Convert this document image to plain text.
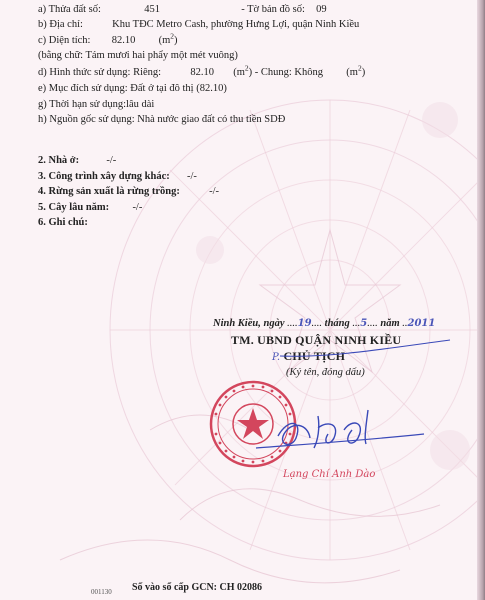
a) Thửa đất số:	451	- Tờ bản đồ số: 09
b) Địa chỉ:	Khu TĐC Metro Cash, phường Hưng Lợi, quận Ninh Kiều
c) Diện tích: 82.10 $(m^2)$
(bằng chữ: Tám mươi hai phẩy một mét vuông)
d) Hình thức sử dụng: Riêng:	82.10 $(m^2)$ - Chung: Không $(m^2)$
e) Mục đích sử dụng: Đất ở tại đô thị (82.10)
g) Thời hạn sử dụng:lâu dài
h) Nguồn gốc sử dụng: Nhà nước giao đất có thu tiền SDĐ
2. Nhà ở:	-/-
3. Công trình xây dựng khác: -/-
4. Rừng sản xuất là rừng trồng:	-/-
5. Cây lâu năm: -/-
6. Ghi chú:
Ninh Kiều, ngày ....19.... tháng ...5.... năm ..2011
TM. UBND QUẬN NINH KIỀU
P. CHỦ TỊCH
(Ký tên, đóng dấu)
Lạng Chí Anh Dào
001130 Số vào sổ cấp GCN: CH 02086
